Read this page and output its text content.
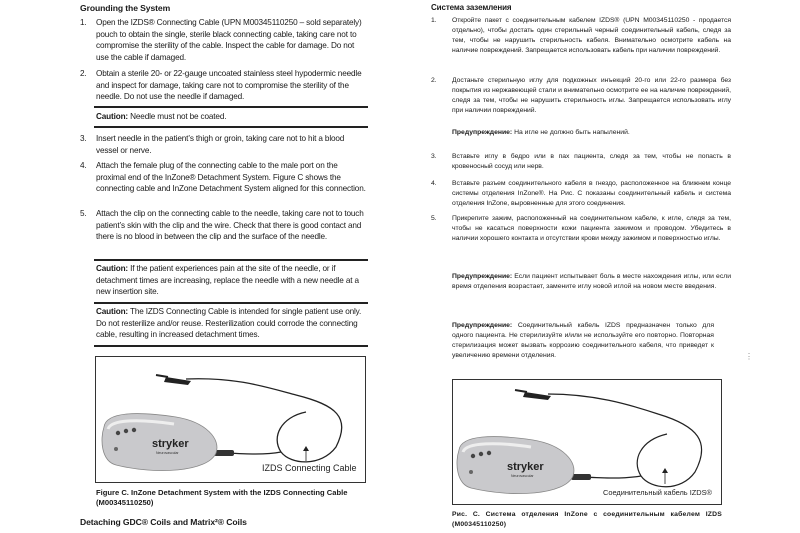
Grounding the System
1. Open the IZDS® Connecting Cable (UPN M00345110250 – sold separately) pouch to obtain the single, sterile black connecting cable, taking care not to compromise the sterility of the cable. Inspect the cable for damage. Do not use the cable if damaged.
2. Obtain a sterile 20- or 22-gauge uncoated stainless steel hypodermic needle and inspect for damage, taking care not to compromise the sterility of the needle. Do not use the needle if damaged.
Caution: Needle must not be coated.
3. Insert needle in the patient’s thigh or groin, taking care not to hit a blood vessel or nerve.
4. Attach the female plug of the connecting cable to the male port on the proximal end of the InZone® Detachment System. Figure C shows the connecting cable and InZone Detachment System aligned for this connection.
5. Attach the clip on the connecting cable to the needle, taking care not to touch patient’s skin with the clip and the wire. Check that there is good contact and there is no blood in between the clip and the surface of the needle.
Caution: If the patient experiences pain at the site of the needle, or if detachment times are increasing, replace the needle with a new needle at a new insertion site.
Caution: The IZDS Connecting Cable is intended for single patient use only. Do not resterilize and/or reuse. Resterilization could corrode the connecting cable, resulting in increased detachment times.
stryker
Neurovascular
IZDS Connecting Cable
Figure C. InZone Detachment System with the IZDS Connecting Cable (M00345110250)
Detaching GDC® Coils and Matrix²® Coils
Система заземления
1. Откройте пакет с соединительным кабелем IZDS® (UPN M00345110250 - продается отдельно), чтобы достать один стерильный черный соединительный кабель, следя за тем, чтобы не нарушить стерильность кабеля. Внимательно осмотрите кабель на наличие повреждений. Запрещается использовать кабель при наличии повреждений.
2. Достаньте стерильную иглу для подкожных инъекций 20-го или 22-го размера без покрытия из нержавеющей стали и внимательно осмотрите ее на наличие повреждений, следя за тем, чтобы не нарушить стерильность иглы. Запрещается использовать иглу при наличии повреждений.
Предупреждение: На игле не должно быть напылений.
3. Вставьте иглу в бедро или в пах пациента, следя за тем, чтобы не попасть в кровеносный сосуд или нерв.
4. Вставьте разъем соединительного кабеля в гнездо, расположенное на ближнем конце системы отделения InZone®. На Рис. С показаны соединительный кабель и система отделения InZone, выровненные для этого соединения.
5. Прикрепите зажим, расположенный на соединительном кабеле, к игле, следя за тем, чтобы не касаться поверхности кожи пациента зажимом и проводом. Убедитесь в наличии хорошего контакта и отсутствии крови между зажимом и поверхностью иглы.
Предупреждение: Если пациент испытывает боль в месте нахождения иглы, или если время отделения возрастает, замените иглу новой иглой на новом месте введения.
Предупреждение: Соединительный кабель IZDS предназначен только для одного пациента. Не стерилизуйте и/или не используйте его повторно. Повторная стерилизация может вызвать коррозию соединительного кабеля, что приведет к увеличению времени отделения.	⋮
stryker
Neurovascular
Соединительный кабель IZDS®
Рис. С. Система отделения InZone с соединительным кабелем IZDS (M00345110250)
